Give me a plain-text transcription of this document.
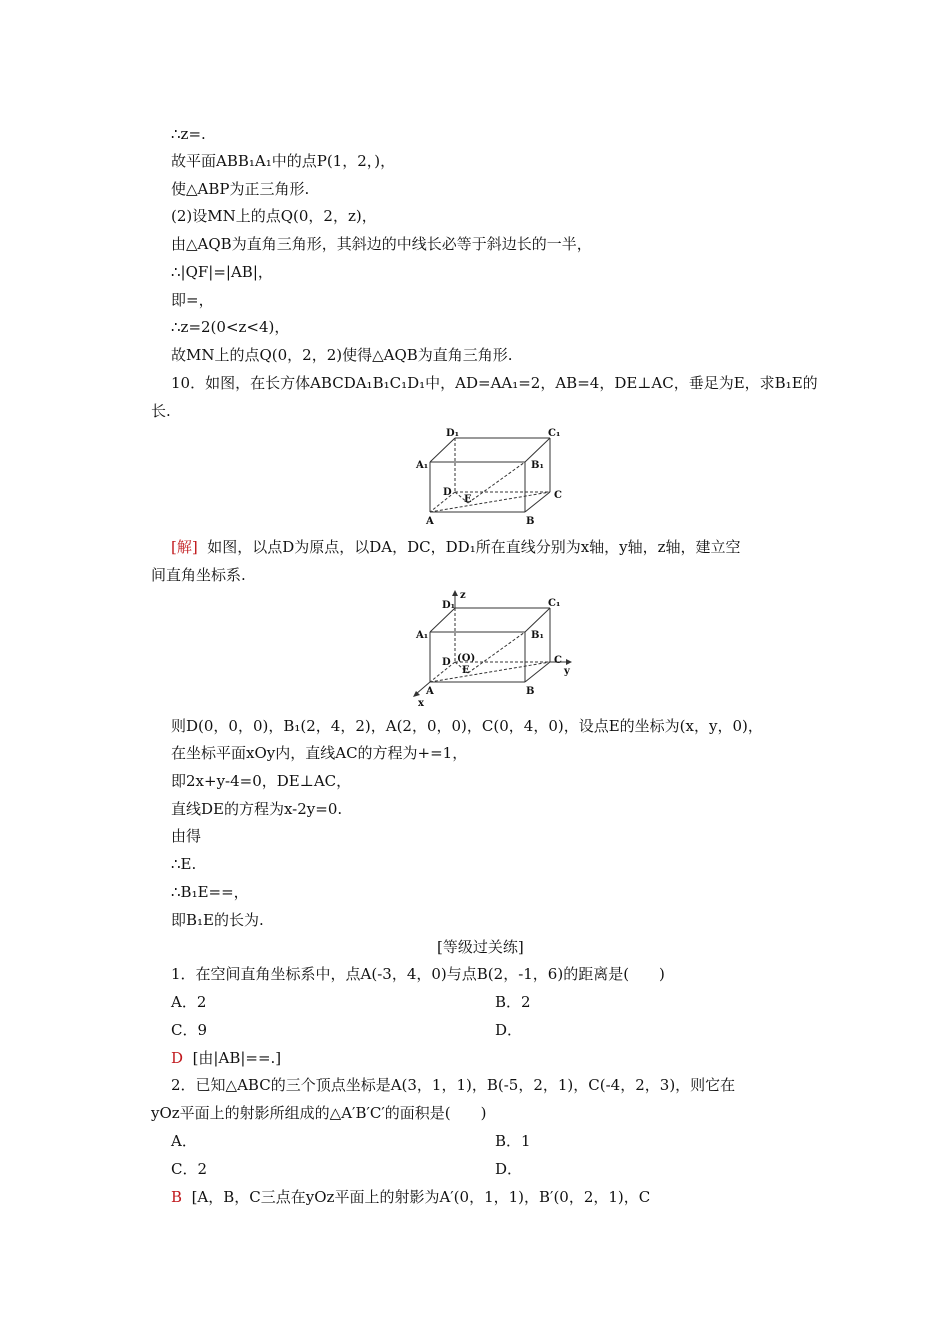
∴z=.
故平面ABB₁A₁中的点P(1，2，)，
使△ABP为正三角形.
(2)设MN上的点Q(0，2，z)，
由△AQB为直角三角形，其斜边的中线长必等于斜边长的一半，
∴|QF|=|AB|，
即=，
∴z=2(0<z<4)，
故MN上的点Q(0，2，2)使得△AQB为直角三角形.
10．如图，在长方体ABCDA₁B₁C₁D₁中，AD=AA₁=2，AB=4，DE⊥AC，垂足为E，求B₁E的
长.
D₁	C₁
A₁	B₁
D
E	C
A	B
[解]  如图，以点D为原点，以DA，DC，DD₁所在直线分别为x轴，y轴，z轴，建立空
间直角坐标系.
z
D₁	C₁
A₁	B₁
D (O)
E
C
y
A	B
x
则D(0，0，0)，B₁(2，4，2)，A(2，0，0)，C(0，4，0)，设点E的坐标为(x，y，0)，
在坐标平面xOy内，直线AC的方程为+=1，
即2x+y-4=0，DE⊥AC，
直线DE的方程为x-2y=0.
由得
∴E.
∴B₁E==，
即B₁E的长为.
[等级过关练]
1．在空间直角坐标系中，点A(-3，4，0)与点B(2，-1，6)的距离是(　　)
A．2	B．2
C．9	D．
D [由|AB|==.]
2．已知△ABC的三个顶点坐标是A(3，1，1)，B(-5，2，1)，C(-4，2，3)，则它在
yOz平面上的射影所组成的△A′B′C′的面积是(　　)
A．	B．1
C．2	D．
B [A，B，C三点在yOz平面上的射影为A′(0，1，1)，B′(0，2，1)，C
